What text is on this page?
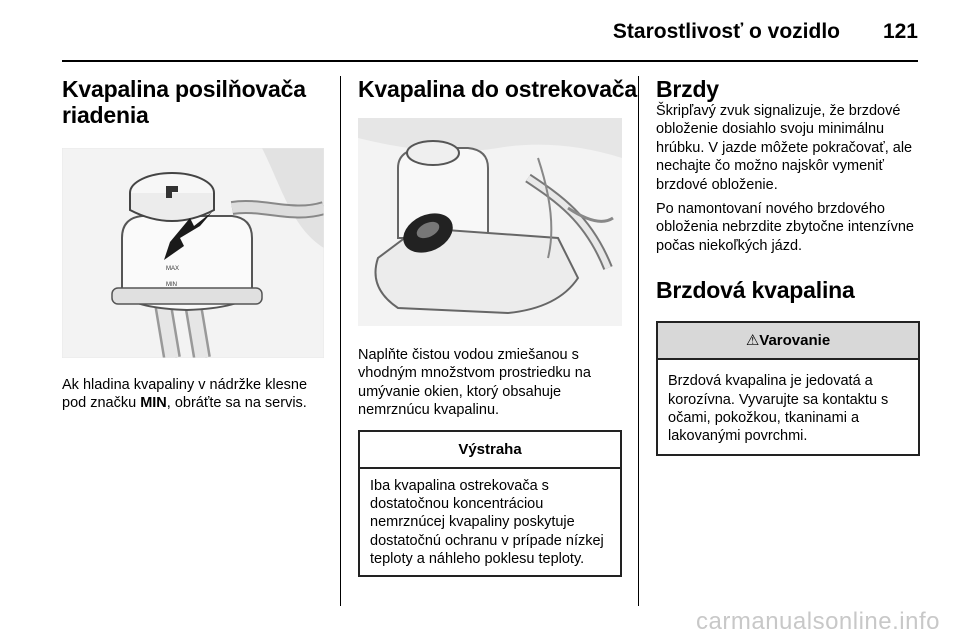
Starostlivosť o vozidlo 121
Kvapalina posilňovača riadenia
MAX
MIN

Ak hladina kvapaliny v nádržke klesne pod značku MIN, obráťte sa na servis.

Kvapalina do ostrekovača

Naplňte čistou vodou zmiešanou s vhodným množstvom prostriedku na umývanie okien, ktorý obsahuje nemrznúcu kvapalinu.

Výstraha
Iba kvapalina ostrekovača s dostatočnou koncentráciou nemrznúcej kvapaliny poskytuje dostatočnú ochranu v prípade nízkej teploty a náhleho poklesu teploty.
Brzdy

Škripľavý zvuk signalizuje, že brzdové obloženie dosiahlo svoju minimálnu hrúbku. V jazde môžete pokračovať, ale nechajte čo možno najskôr vymeniť brzdové obloženie.

Po namontovaní nového brzdového obloženia nebrzdite zbytočne intenzívne počas niekoľkých jázd.

Brzdová kvapalina
⚠Varovanie
Brzdová kvapalina je jedovatá a korozívna. Vyvarujte sa kontaktu s očami, pokožkou, tkaninami a lakovanými povrchmi.
carmanualsonline.info
